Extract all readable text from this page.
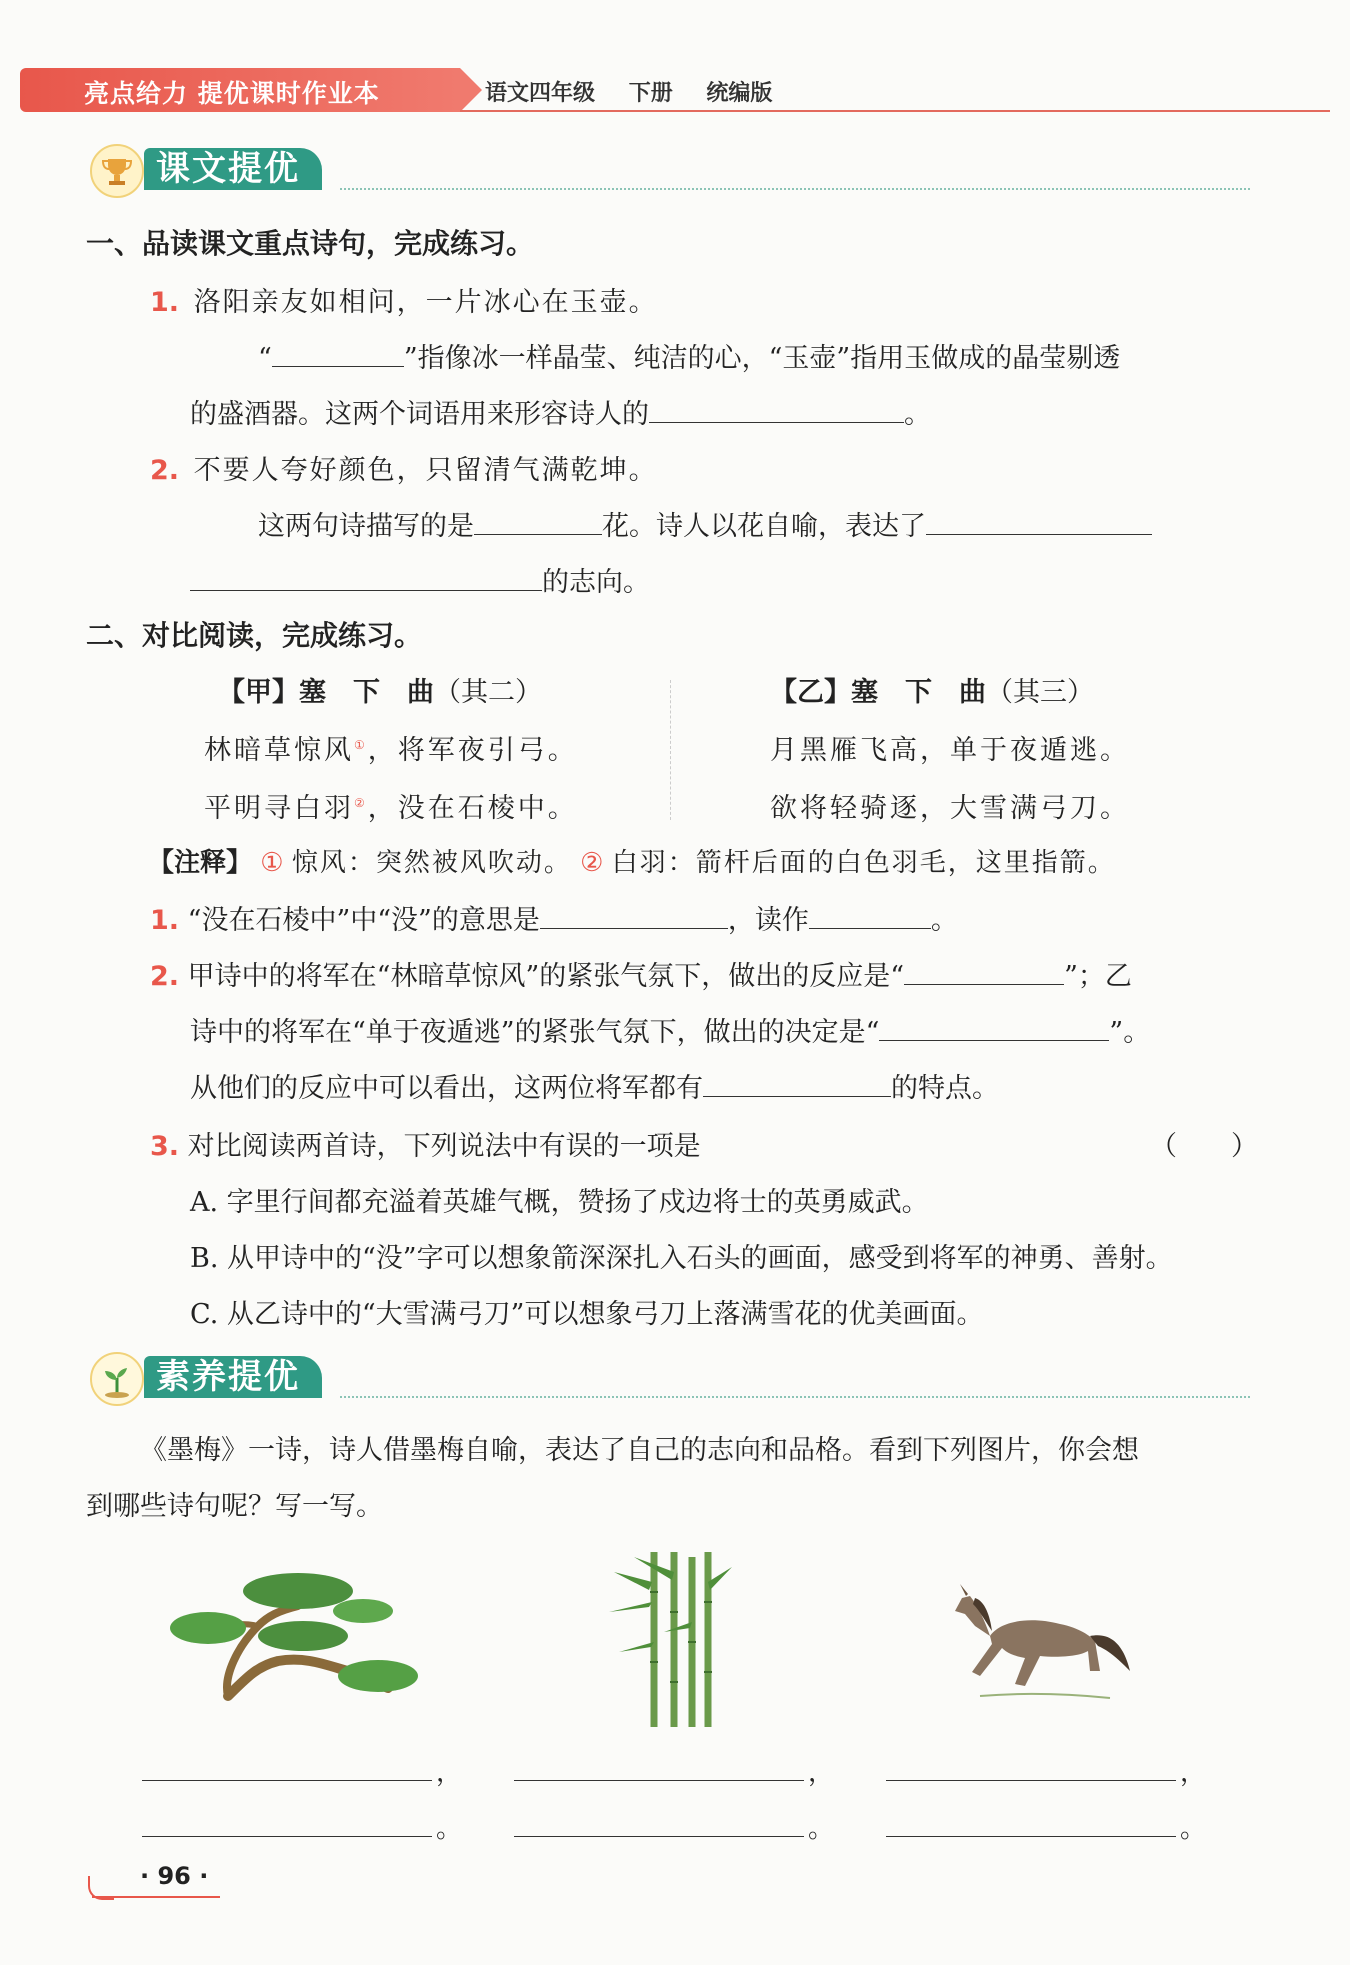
亮点给力 提优课时作业本	语文四年级 下册 统编版
课文提优
一、品读课文重点诗句，完成练习。
1. 洛阳亲友如相问，一片冰心在玉壶。
“	”指像冰一样晶莹、纯洁的心，“玉壶”指用玉做成的晶莹剔透
的盛酒器。这两个词语用来形容诗人的	。
2. 不要人夸好颜色，只留清气满乾坤。
这两句诗描写的是	花。诗人以花自喻，表达了
的志向。
二、对比阅读，完成练习。
【甲】塞　下　曲（其二）
林暗草惊风①，将军夜引弓。
平明寻白羽②，没在石棱中。
【乙】塞　下　曲（其三）
月黑雁飞高，单于夜遁逃。
欲将轻骑逐，大雪满弓刀。
【注释】 ① 惊风：突然被风吹动。 ② 白羽：箭杆后面的白色羽毛，这里指箭。
1. “没在石棱中”中“没”的意思是	，读作	。
2. 甲诗中的将军在“林暗草惊风”的紧张气氛下，做出的反应是“	”；乙
诗中的将军在“单于夜遁逃”的紧张气氛下，做出的决定是“	”。
从他们的反应中可以看出，这两位将军都有	的特点。
3. 对比阅读两首诗，下列说法中有误的一项是	（　　）
A. 字里行间都充溢着英雄气概，赞扬了戍边将士的英勇威武。
B. 从甲诗中的“没”字可以想象箭深深扎入石头的画面，感受到将军的神勇、善射。
C. 从乙诗中的“大雪满弓刀”可以想象弓刀上落满雪花的优美画面。
素养提优
《墨梅》一诗，诗人借墨梅自喻，表达了自己的志向和品格。看到下列图片，你会想
到哪些诗句呢？写一写。
，
。
，
。
，
。
· 96 ·
